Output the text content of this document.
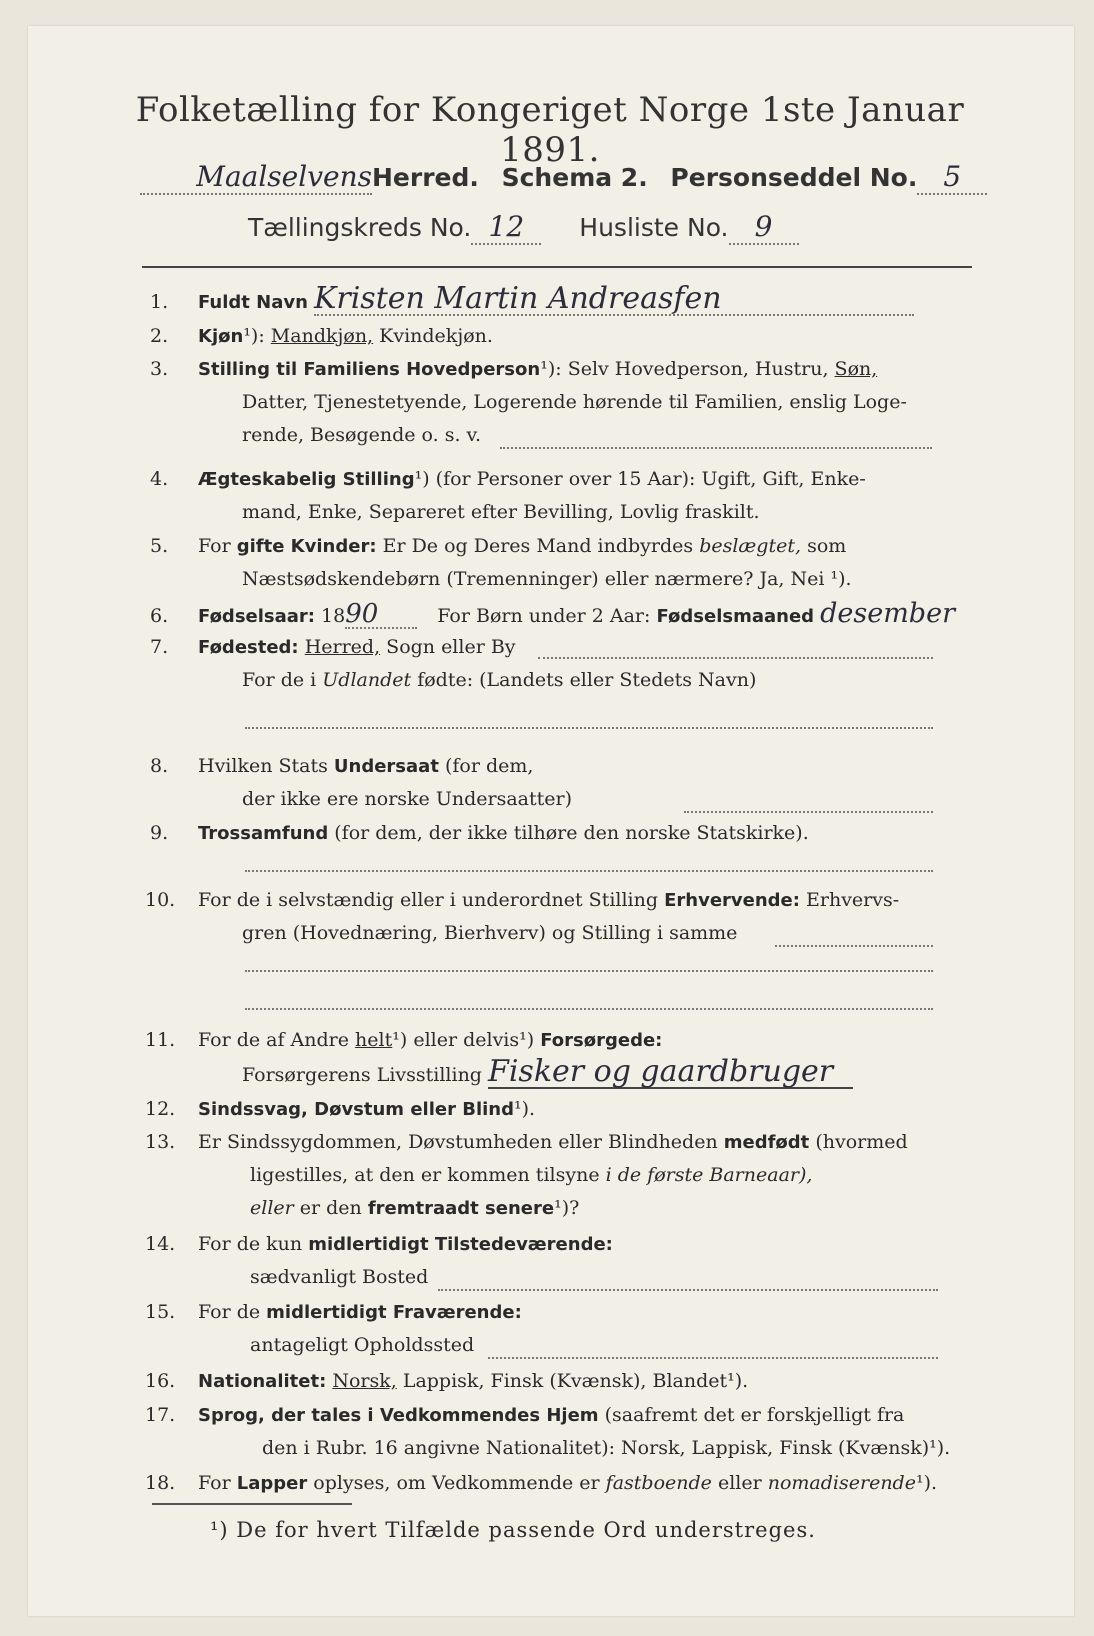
Folketælling for Kongeriget Norge 1ste Januar 1891.
MaalselvensHerred. Schema 2. Personseddel No. 5
Tællingskreds No. 12 Husliste No. 9
1. Fuldt Navn Kristen Martin Andreasfen
2. Kjøn¹): Mandkjøn, Kvindekjøn.
3. Stilling til Familiens Hovedperson¹): Selv Hovedperson, Hustru, Søn,
Datter, Tjenestetyende, Logerende hørende til Familien, enslig Loge-
rende, Besøgende o. s. v.
4. Ægteskabelig Stilling¹) (for Personer over 15 Aar): Ugift, Gift, Enke-
mand, Enke, Separeret efter Bevilling, Lovlig fraskilt.
5. For gifte Kvinder: Er De og Deres Mand indbyrdes beslægtet, som
Næstsødskendebørn (Tremenninger) eller nærmere? Ja, Nei ¹).
6. Fødselsaar: 1890	For Børn under 2 Aar: Fødselsmaaned desember
7. Fødested: Herred, Sogn eller By
For de i Udlandet fødte: (Landets eller Stedets Navn)
8. Hvilken Stats Undersaat (for dem,
der ikke ere norske Undersaatter)
9. Trossamfund (for dem, der ikke tilhøre den norske Statskirke).
10. For de i selvstændig eller i underordnet Stilling Erhvervende: Erhvervs-
gren (Hovednæring, Bierhverv) og Stilling i samme
11. For de af Andre helt¹) eller delvis¹) Forsørgede:
Forsørgerens Livsstilling Fisker og gaardbruger
12. Sindssvag, Døvstum eller Blind¹).
13. Er Sindssygdommen, Døvstumheden eller Blindheden medfødt (hvormed
ligestilles, at den er kommen tilsyne i de første Barneaar),
eller er den fremtraadt senere¹)?
14. For de kun midlertidigt Tilstedeværende:
sædvanligt Bosted
15. For de midlertidigt Fraværende:
antageligt Opholdssted
16. Nationalitet: Norsk, Lappisk, Finsk (Kvænsk), Blandet¹).
17. Sprog, der tales i Vedkommendes Hjem (saafremt det er forskjelligt fra
den i Rubr. 16 angivne Nationalitet): Norsk, Lappisk, Finsk (Kvænsk)¹).
18. For Lapper oplyses, om Vedkommende er fastboende eller nomadiserende¹).
¹) De for hvert Tilfælde passende Ord understreges.
